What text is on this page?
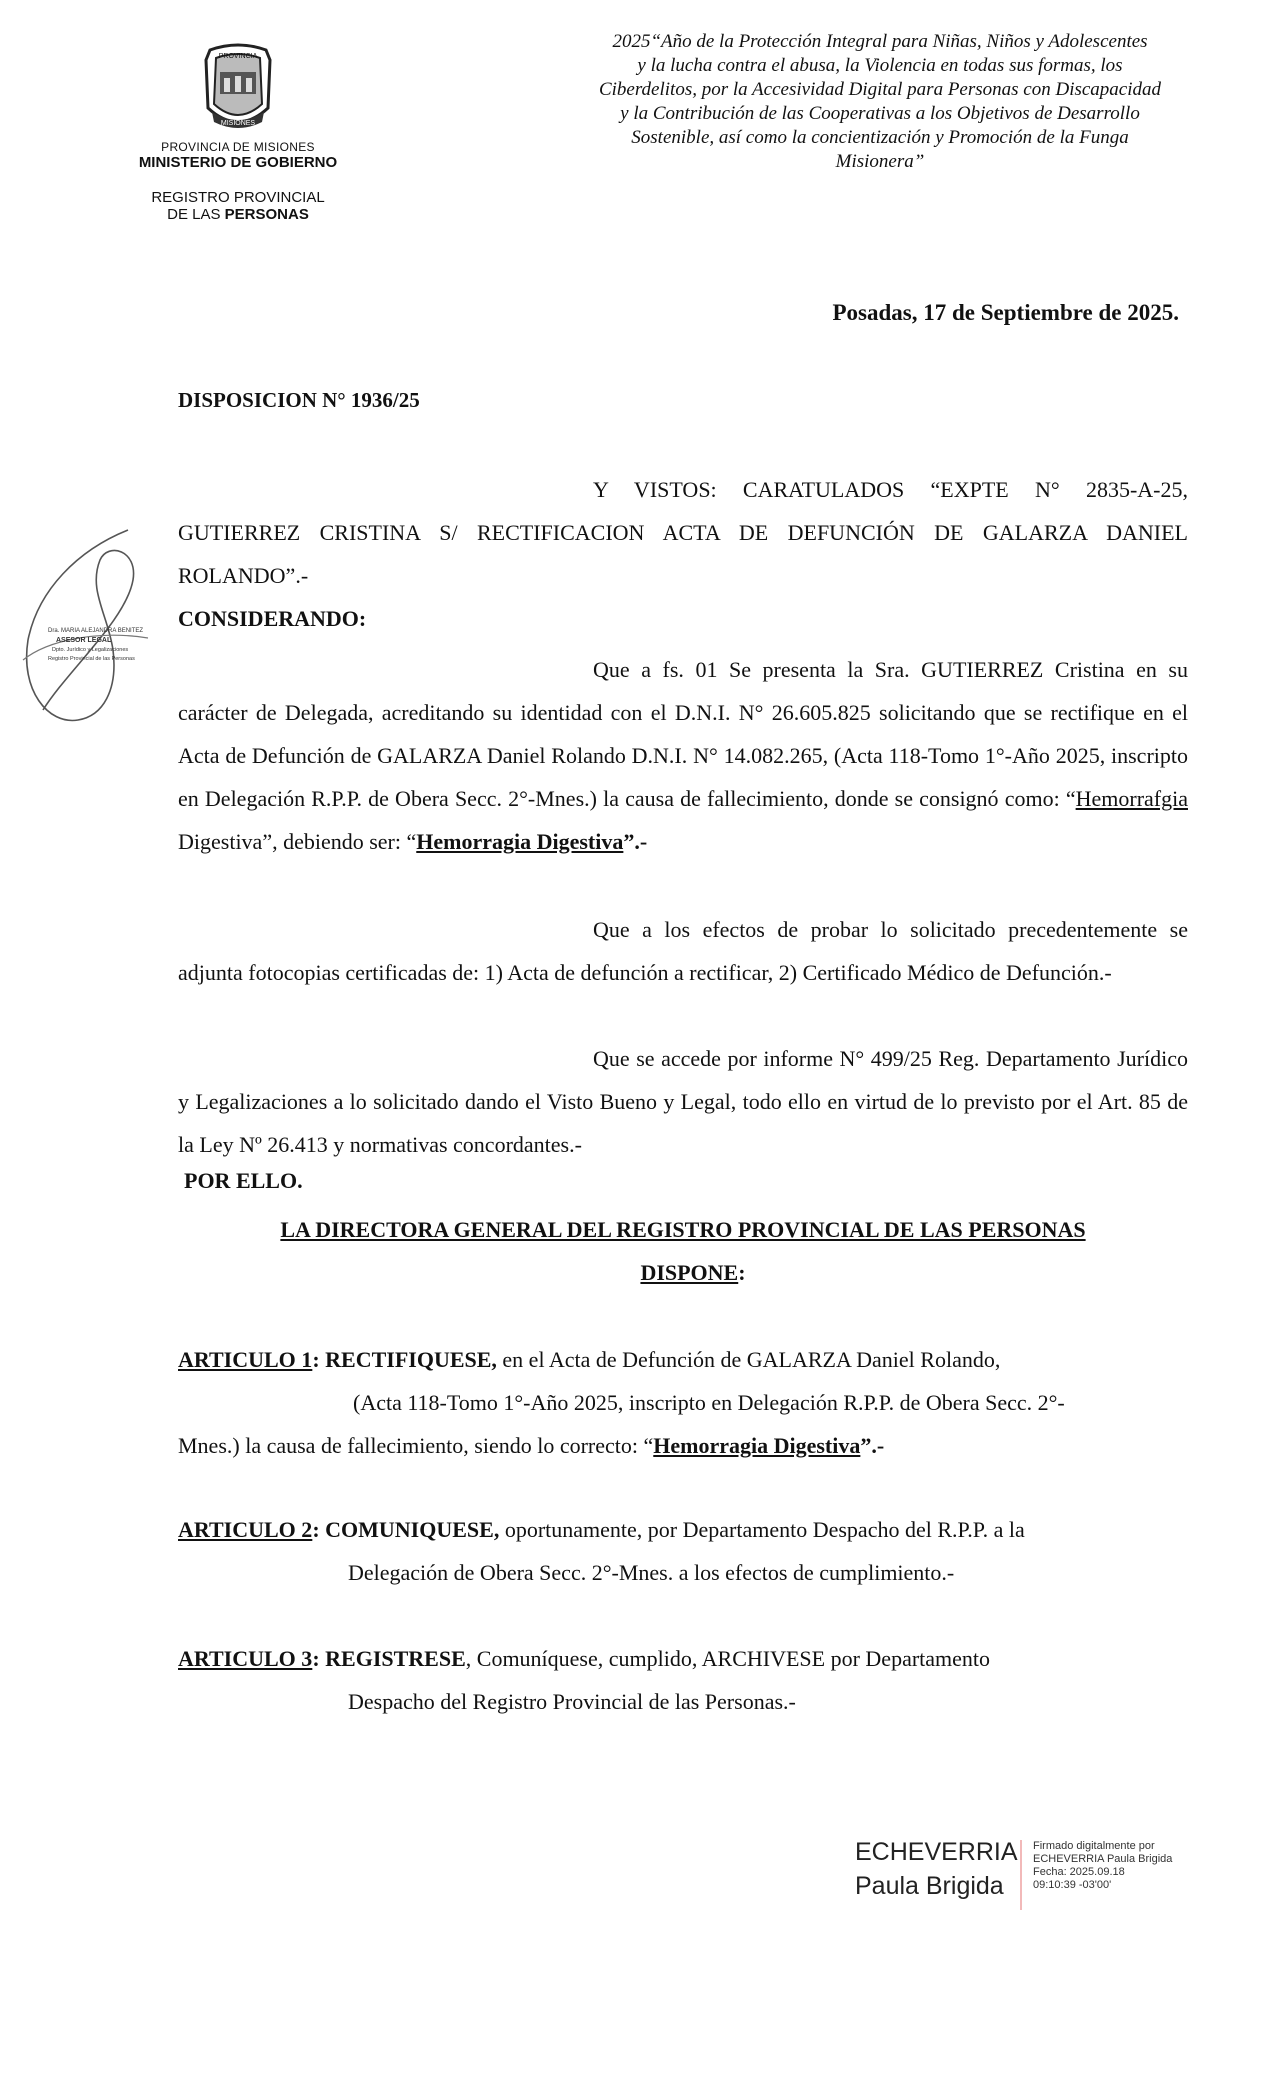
PROVINCIA
MISIONES
PROVINCIA DE MISIONES
MINISTERIO DE GOBIERNO
REGISTRO PROVINCIAL
DE LAS PERSONAS
2025“Año de la Protección Integral para Niñas, Niños y Adolescentes
y la lucha contra el abusa, la Violencia en todas sus formas, los
Ciberdelitos, por la Accesividad Digital para Personas con Discapacidad
y la Contribución de las Cooperativas a los Objetivos de Desarrollo
Sostenible, así como la concientización y Promoción de la Funga
Misionera”
Posadas, 17 de Septiembre de 2025.
DISPOSICION N° 1936/25
Y VISTOS: CARATULADOS “EXPTE N° 2835-A-25, GUTIERREZ CRISTINA S/ RECTIFICACION ACTA DE DEFUNCIÓN DE GALARZA DANIEL ROLANDO”.-
CONSIDERANDO:
Que a fs. 01 Se presenta la Sra. GUTIERREZ Cristina en su carácter de Delegada, acreditando su identidad con el D.N.I. N° 26.605.825 solicitando que se rectifique en el Acta de Defunción de GALARZA Daniel Rolando D.N.I. N° 14.082.265, (Acta 118-Tomo 1°-Año 2025, inscripto en Delegación R.P.P. de Obera Secc. 2°-Mnes.) la causa de fallecimiento, donde se consignó como: “Hemorrafgia Digestiva”, debiendo ser: “Hemorragia Digestiva”.-
Que a los efectos de probar lo solicitado precedentemente se adjunta fotocopias certificadas de: 1) Acta de defunción a rectificar, 2) Certificado Médico de Defunción.-
Que se accede por informe N° 499/25 Reg. Departamento Jurídico y Legalizaciones a lo solicitado dando el Visto Bueno y Legal, todo ello en virtud de lo previsto por el Art. 85 de la Ley Nº 26.413 y normativas concordantes.-
POR ELLO.
LA DIRECTORA GENERAL DEL REGISTRO PROVINCIAL DE LAS PERSONAS
DISPONE:
ARTICULO 1: RECTIFIQUESE, en el Acta de Defunción de GALARZA Daniel Rolando,
(Acta 118-Tomo 1°-Año 2025, inscripto en Delegación R.P.P. de Obera Secc. 2°-
Mnes.) la causa de fallecimiento, siendo lo correcto: “Hemorragia Digestiva”.-
ARTICULO 2: COMUNIQUESE, oportunamente, por Departamento Despacho del R.P.P. a la
Delegación de Obera Secc. 2°-Mnes. a los efectos de cumplimiento.-
ARTICULO 3: REGISTRESE, Comuníquese, cumplido, ARCHIVESE por Departamento
Despacho del Registro Provincial de las Personas.-
Dra. MARIA ALEJANDRA BENITEZ
ASESOR LEGAL
Dpto. Jurídico y Legalizaciones
Registro Provincial de las Personas
ECHEVERRIA
Paula Brigida
Firmado digitalmente por
ECHEVERRIA Paula Brigida
Fecha: 2025.09.18
09:10:39 -03'00'
